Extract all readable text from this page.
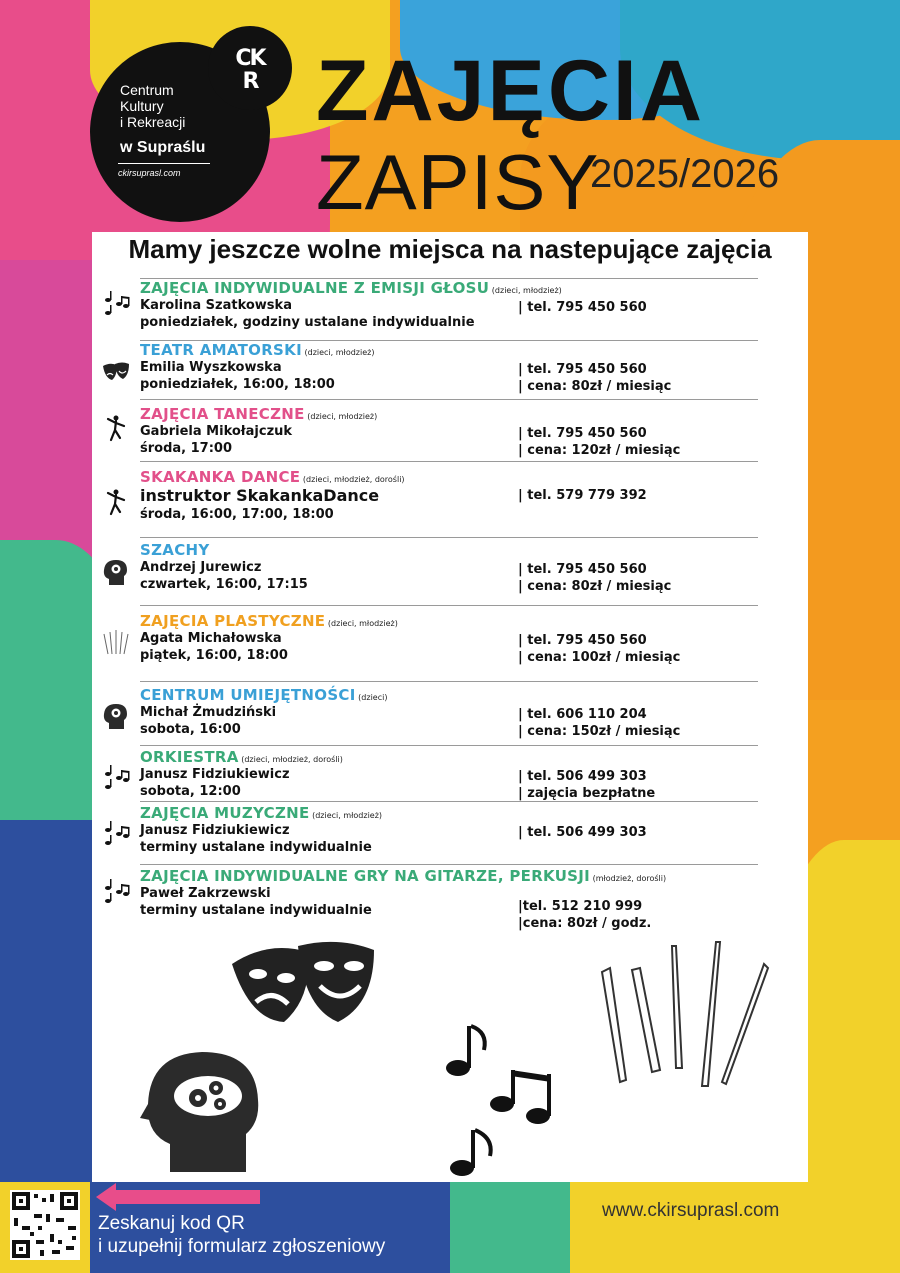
Centrum
Kultury
i Rekreacji
w Supraślu
ckirsuprasl.com
CK
R ZAJĘCIA
ZAPISY
2025/2026
Mamy jeszcze wolne miejsca na nastepujące zajęcia
ZAJĘCIA INDYWIDUALNE Z EMISJI GŁOSU (dzieci, młodzież)
Karolina Szatkowska
poniedziałek, godziny ustalane indywidualnie
| tel. 795 450 560
TEATR AMATORSKI (dzieci, młodzież)
Emilia Wyszkowska
poniedziałek, 16:00, 18:00
| tel. 795 450 560
| cena: 80zł / miesiąc
ZAJĘCIA TANECZNE (dzieci, młodzież)
Gabriela Mikołajczuk
środa, 17:00
| tel. 795 450 560
| cena: 120zł / miesiąc
SKAKANKA DANCE (dzieci, młodzież, dorośli)
instruktor SkakankaDance
środa, 16:00, 17:00, 18:00
| tel. 579 779 392
SZACHY
Andrzej Jurewicz
czwartek, 16:00, 17:15
| tel. 795 450 560
| cena: 80zł / miesiąc
ZAJĘCIA PLASTYCZNE (dzieci, młodzież)
Agata Michałowska
piątek, 16:00, 18:00
| tel. 795 450 560
| cena: 100zł / miesiąc
CENTRUM UMIEJĘTNOŚCI (dzieci)
Michał Żmudziński
sobota, 16:00
| tel. 606 110 204
| cena: 150zł / miesiąc
ORKIESTRA (dzieci, młodzież, dorośli)
Janusz Fidziukiewicz
sobota, 12:00
| tel. 506 499 303
| zajęcia bezpłatne
ZAJĘCIA MUZYCZNE (dzieci, młodzież)
Janusz Fidziukiewicz
terminy ustalane indywidualnie
| tel. 506 499 303
ZAJĘCIA INDYWIDUALNE GRY NA GITARZE, PERKUSJI (młodzież, dorośli)
Paweł Zakrzewski
terminy ustalane indywidualnie	|tel. 512 210 999
|cena: 80zł / godz.
Zeskanuj kod QR
i uzupełnij formularz zgłoszeniowy
www.ckirsuprasl.com
